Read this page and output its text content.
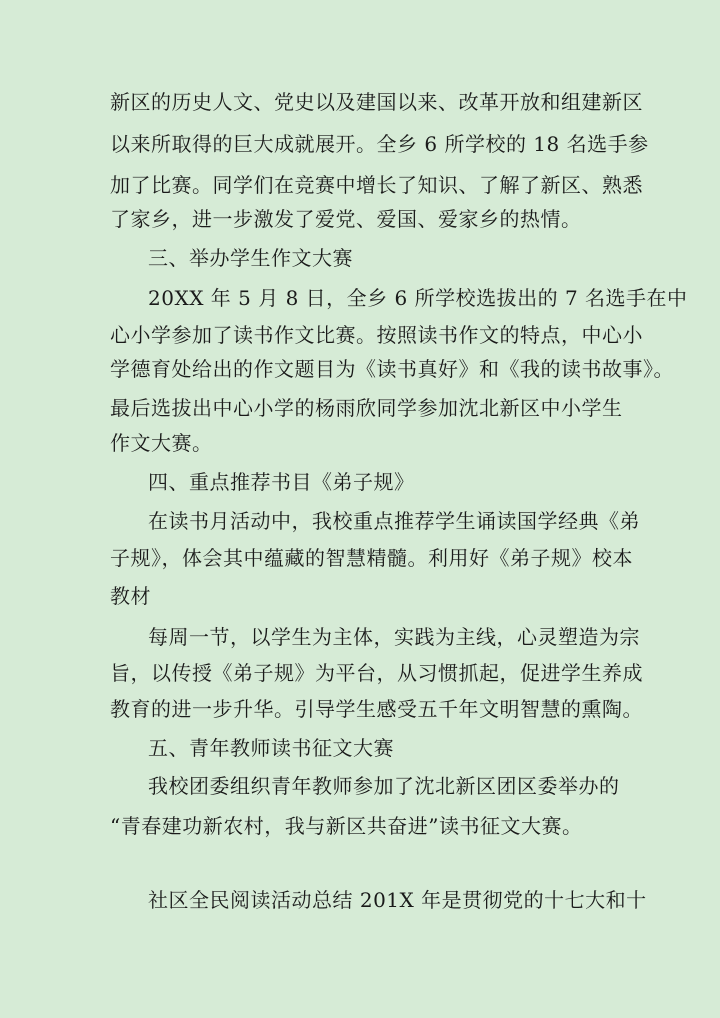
新区的历史人文、党史以及建国以来、改革开放和组建新区
以来所取得的巨大成就展开。全乡 6 所学校的 18 名选手参
加了比赛。同学们在竞赛中增长了知识、了解了新区、熟悉
了家乡，进一步激发了爱党、爱国、爱家乡的热情。
三、举办学生作文大赛
20XX 年 5 月 8 日，全乡 6 所学校选拔出的 7 名选手在中
心小学参加了读书作文比赛。按照读书作文的特点，中心小
学德育处给出的作文题目为《读书真好》和《我的读书故事》。
最后选拔出中心小学的杨雨欣同学参加沈北新区中小学生
作文大赛。
四、重点推荐书目《弟子规》
在读书月活动中，我校重点推荐学生诵读国学经典《弟
子规》，体会其中蕴藏的智慧精髓。利用好《弟子规》校本
教材
每周一节，以学生为主体，实践为主线，心灵塑造为宗
旨，以传授《弟子规》为平台，从习惯抓起，促进学生养成
教育的进一步升华。引导学生感受五千年文明智慧的熏陶。
五、青年教师读书征文大赛
我校团委组织青年教师参加了沈北新区团区委举办的
“青春建功新农村，我与新区共奋进”读书征文大赛。
社区全民阅读活动总结 201X 年是贯彻党的十七大和十
